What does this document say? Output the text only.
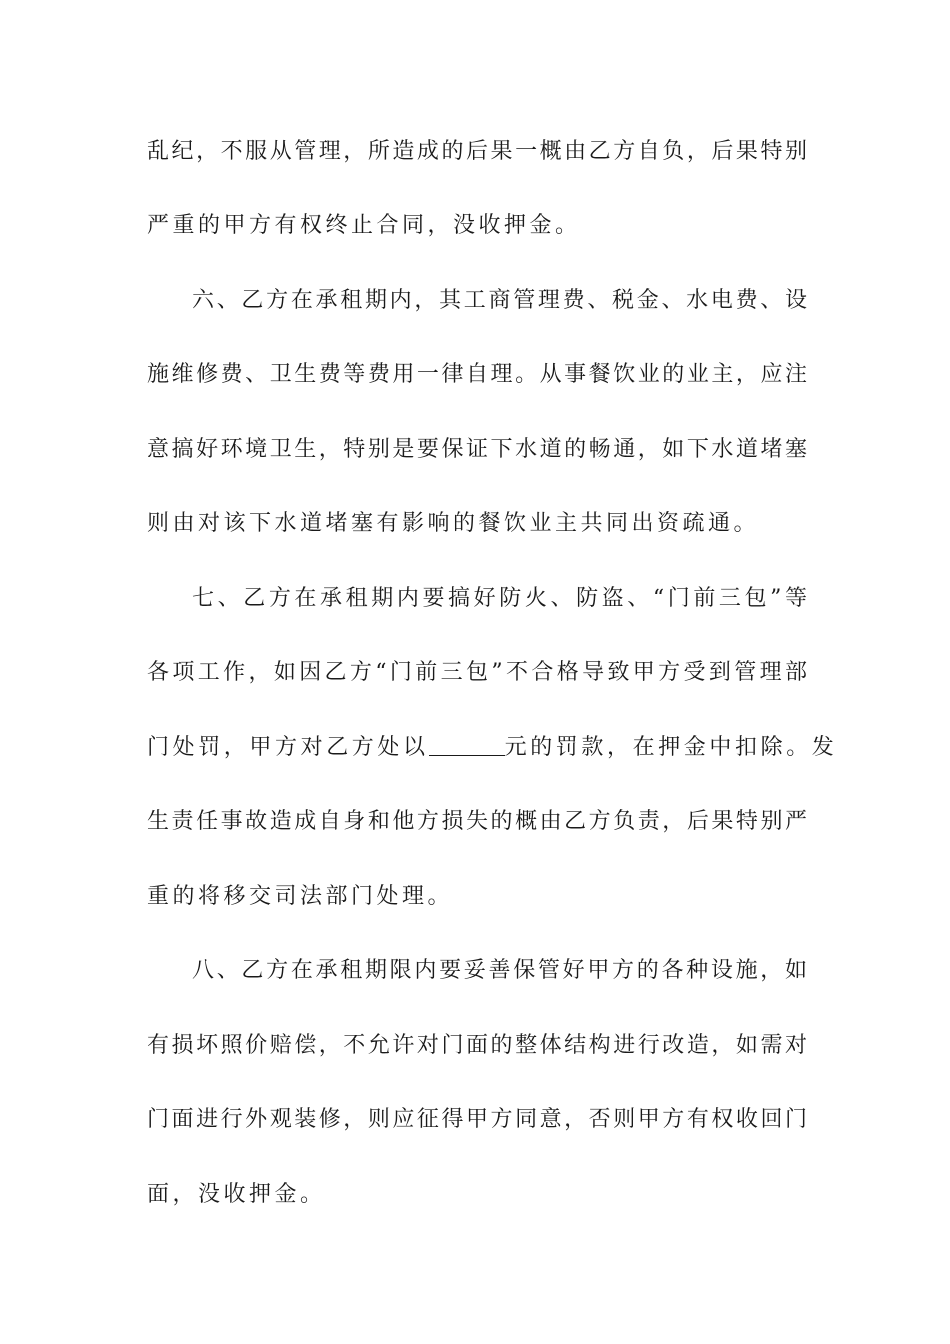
乱纪，不服从管理，所造成的后果一概由乙方自负，后果特别
严重的甲方有权终止合同，没收押金。
六、乙方在承租期内，其工商管理费、税金、水电费、设
施维修费、卫生费等费用一律自理。从事餐饮业的业主，应注
意搞好环境卫生，特别是要保证下水道的畅通，如下水道堵塞
则由对该下水道堵塞有影响的餐饮业主共同出资疏通。
七、乙方在承租期内要搞好防火、防盗、“门前三包”等
各项工作，如因乙方“门前三包”不合格导致甲方受到管理部
门处罚，甲方对乙方处以	元的罚款，在押金中扣除。发
生责任事故造成自身和他方损失的概由乙方负责，后果特别严
重的将移交司法部门处理。
八、乙方在承租期限内要妥善保管好甲方的各种设施，如
有损坏照价赔偿，不允许对门面的整体结构进行改造，如需对
门面进行外观装修，则应征得甲方同意，否则甲方有权收回门
面，没收押金。
